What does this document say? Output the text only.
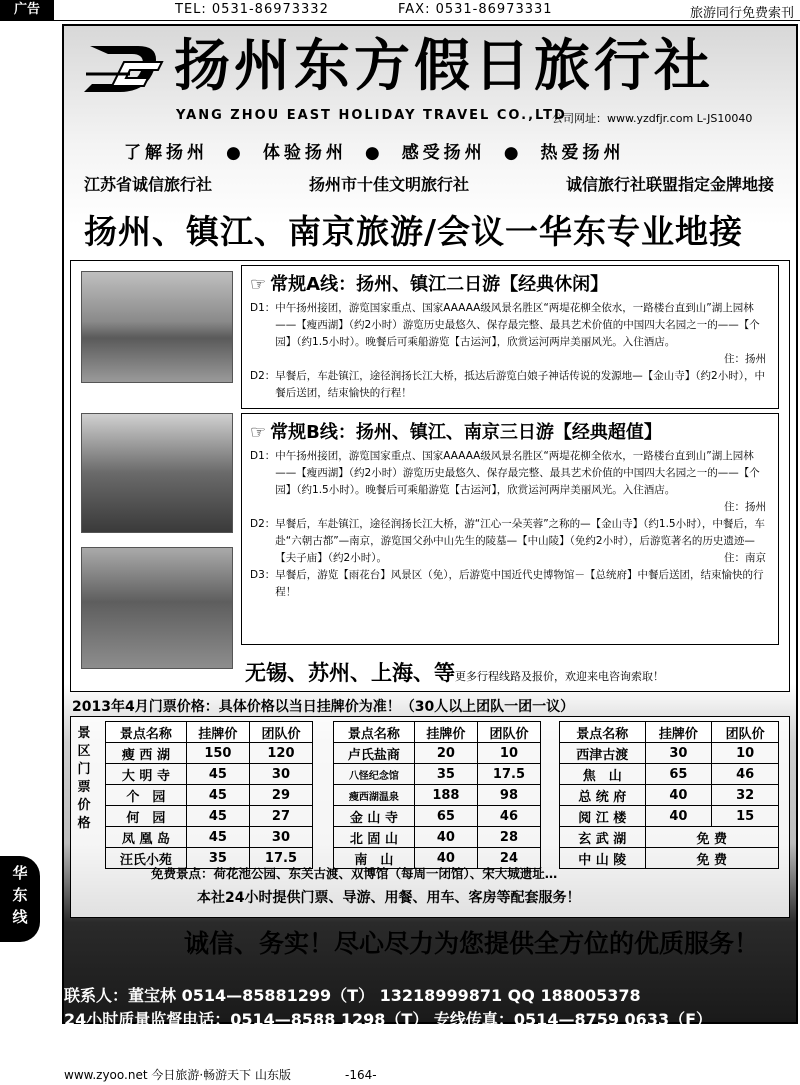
广告	TEL: 0531-86973332	FAX: 0531-86973331	旅游同行免费索刊
扬州东方假日旅行社
YANG ZHOU EAST HOLIDAY TRAVEL CO.,LTD
公司网址：www.yzdfjr.com L-JS10040
了解扬州 ● 体验扬州 ● 感受扬州 ● 热爱扬州
江苏省诚信旅行社	扬州市十佳文明旅行社	诚信旅行社联盟指定金牌地接
扬州、镇江、南京旅游/会议一华东专业地接
☞ 常规A线：扬州、镇江二日游【经典休闲】
D1： 中午扬州接团，游览国家重点、国家AAAAA级风景名胜区“两堤花柳全依水，一路楼台直到山”湖上园林——【瘦西湖】（约2小时）游览历史最悠久、保存最完整、最具艺术价值的中国四大名园之一的——【个园】（约1.5小时）。晚餐后可乘船游览【古运河】，欣赏运河两岸美丽风光。入住酒店。
住：扬州
D2： 早餐后，车赴镇江，途径润扬长江大桥，抵达后游览白娘子神话传说的发源地—【金山寺】（约2小时），中餐后送团，结束愉快的行程！
☞ 常规B线：扬州、镇江、南京三日游【经典超值】
D1： 中午扬州接团，游览国家重点、国家AAAAA级风景名胜区“两堤花柳全依水，一路楼台直到山”湖上园林——【瘦西湖】（约2小时）游览历史最悠久、保存最完整、最具艺术价值的中国四大名园之一的——【个园】（约1.5小时）。晚餐后可乘船游览【古运河】，欣赏运河两岸美丽风光。入住酒店。
住：扬州
D2： 早餐后，车赴镇江，途径润扬长江大桥，游“江心一朵芙蓉”之称的—【金山寺】（约1.5小时），中餐后，车赴“六朝古都”—南京，游览国父孙中山先生的陵墓—【中山陵】（免约2小时），后游览著名的历史遗迹—【夫子庙】（约2小时）。	住：南京
D3： 早餐后，游览【雨花台】风景区（免），后游览中国近代史博物馆－【总统府】中餐后送团，结束愉快的行程！
无锡、苏州、上海、等更多行程线路及报价，欢迎来电咨询索取！
2013年4月门票价格：具体价格以当日挂牌价为准！（30人以上团队一团一议）
景
区
门
票
价
格
景点名称	挂牌价	团队价
瘦 西 湖	150	120
大 明 寺	45	30
个　园	45	29
何　园	45	27
凤 凰 岛	45	30
汪氏小苑	35	17.5
景点名称	挂牌价	团队价
卢氏盐商	20	10
八怪纪念馆	35	17.5
瘦西湖温泉	188	98
金 山 寺	65	46
北 固 山	40	28
南　山	40	24
景点名称	挂牌价	团队价
西津古渡	30	10
焦　山	65	46
总 统 府	40	32
阅 江 楼	40	15
玄 武 湖	免 费	
中 山 陵	免 费	
免费景点：荷花池公园、东关古渡、双博馆（每周一闭馆）、宋大城遗址…
本社24小时提供门票、导游、用餐、用车、客房等配套服务！
诚信、务实！尽心尽力为您提供全方位的优质服务！
联系人：董宝林 0514—85881299（T） 13218999871 QQ 188005378
24小时质量监督电话：0514—8588 1298（T） 专线传真：0514—8759 0633（F）
公司地址：扬州市文昌西路316号来鹤台广场A—105
华
东
线
www.zyoo.net 今日旅游·畅游天下 山东版	-164-
